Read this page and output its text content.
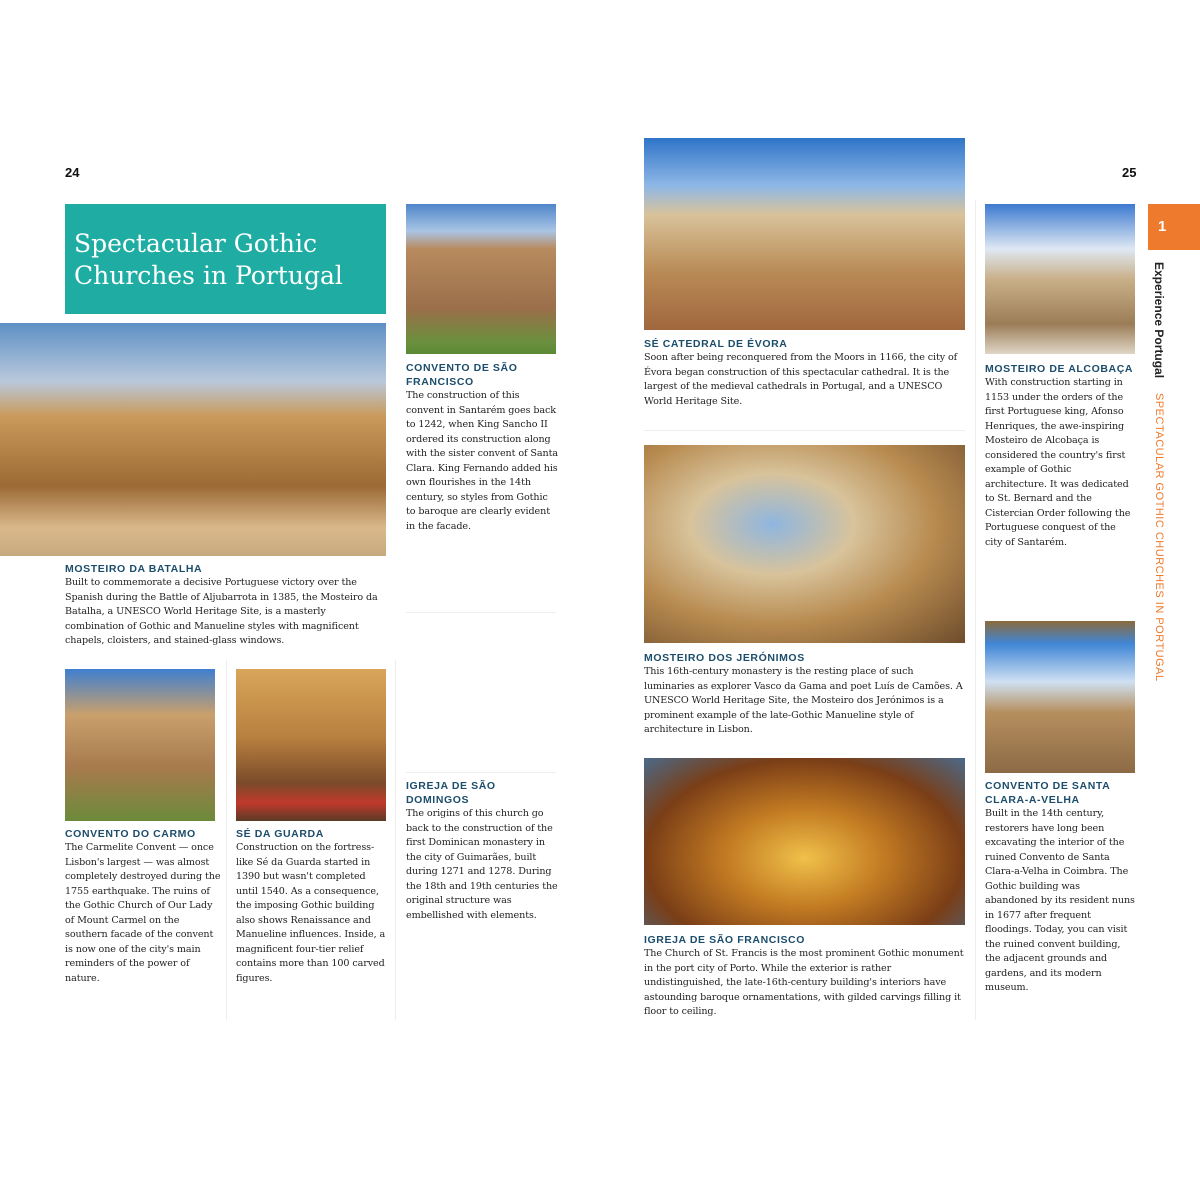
24
Spectacular Gothic Churches in Portugal
MOSTEIRO DA BATALHA

Built to commemorate a decisive Portuguese victory over the Spanish during the Battle of Aljubarrota in 1385, the Mosteiro da Batalha, a UNESCO World Heritage Site, is a masterly combination of Gothic and Manueline styles with magnificent chapels, cloisters, and stained-glass windows.

CONVENTO DE SÃO FRANCISCO

The construction of this convent in Santarém goes back to 1242, when King Sancho II ordered its construction along with the sister convent of Santa Clara. King Fernando added his own flourishes in the 14th century, so styles from Gothic to baroque are clearly evident in the facade.

CONVENTO DO CARMO

The Carmelite Convent — once Lisbon's largest — was almost completely destroyed during the 1755 earthquake. The ruins of the Gothic Church of Our Lady of Mount Carmel on the southern facade of the convent is now one of the city's main reminders of the power of nature.

SÉ DA GUARDA

Construction on the fortress-like Sé da Guarda started in 1390 but wasn't completed until 1540. As a consequence, the imposing Gothic building also shows Renaissance and Manueline influences. Inside, a magnificent four-tier relief contains more than 100 carved figures.

IGREJA DE SÃO DOMINGOS

The origins of this church go back to the construction of the first Dominican monastery in the city of Guimarães, built during 1271 and 1278. During the 18th and 19th centuries the original structure was embellished with elements.

25
1
Experience Portugal SPECTACULAR GOTHIC CHURCHES IN PORTUGAL
SÉ CATEDRAL DE ÉVORA

Soon after being reconquered from the Moors in 1166, the city of Évora began construction of this spectacular cathedral. It is the largest of the medieval cathedrals in Portugal, and a UNESCO World Heritage Site.

MOSTEIRO DOS JERÓNIMOS

This 16th-century monastery is the resting place of such luminaries as explorer Vasco da Gama and poet Luís de Camões. A UNESCO World Heritage Site, the Mosteiro dos Jerónimos is a prominent example of the late-Gothic Manueline style of architecture in Lisbon.

IGREJA DE SÃO FRANCISCO

The Church of St. Francis is the most prominent Gothic monument in the port city of Porto. While the exterior is rather undistinguished, the late-16th-century building's interiors have astounding baroque ornamentations, with gilded carvings filling it floor to ceiling.

MOSTEIRO DE ALCOBAÇA

With construction starting in 1153 under the orders of the first Portuguese king, Afonso Henriques, the awe-inspiring Mosteiro de Alcobaça is considered the country's first example of Gothic architecture. It was dedicated to St. Bernard and the Cistercian Order following the Portuguese conquest of the city of Santarém.

CONVENTO DE SANTA CLARA-A-VELHA

Built in the 14th century, restorers have long been excavating the interior of the ruined Convento de Santa Clara-a-Velha in Coimbra. The Gothic building was abandoned by its resident nuns in 1677 after frequent floodings. Today, you can visit the ruined convent building, the adjacent grounds and gardens, and its modern museum.
